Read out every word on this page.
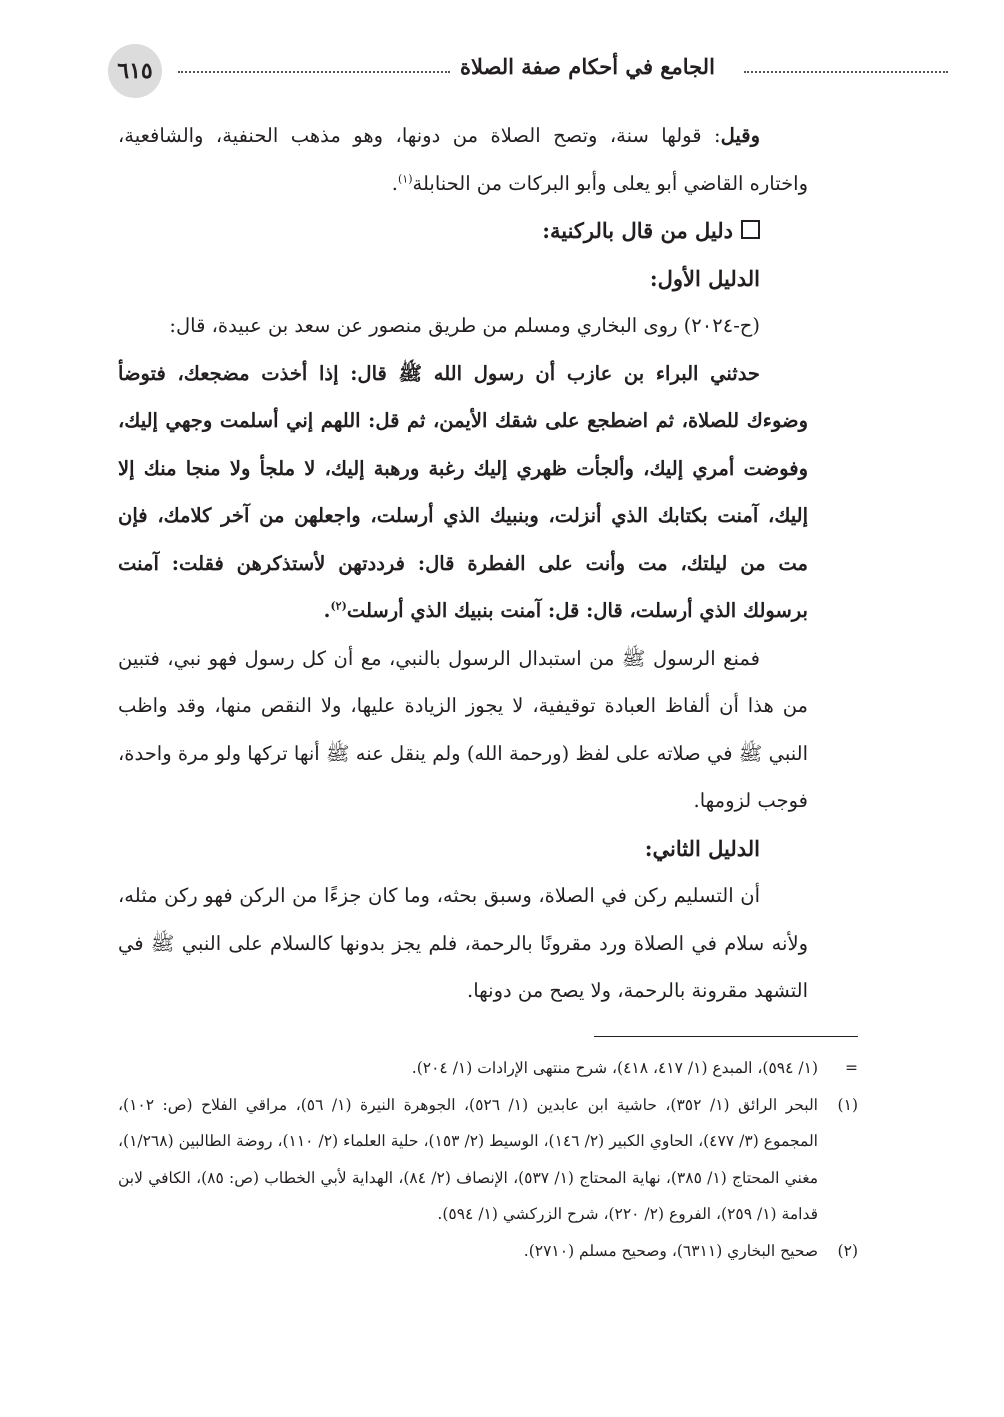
٦١٥	الجامع في أحكام صفة الصلاة

وقيل: قولها سنة، وتصح الصلاة من دونها، وهو مذهب الحنفية، والشافعية، واختاره القاضي أبو يعلى وأبو البركات من الحنابلة$^{(١)}$.

دليل من قال بالركنية:

الدليل الأول:

(ح-٢٠٢٤) روى البخاري ومسلم من طريق منصور عن سعد بن عبيدة، قال:

حدثني البراء بن عازب أن رسول الله ﷺ قال: إذا أخذت مضجعك، فتوضأ وضوءك للصلاة، ثم اضطجع على شقك الأيمن، ثم قل: اللهم إني أسلمت وجهي إليك، وفوضت أمري إليك، وألجأت ظهري إليك رغبة ورهبة إليك، لا ملجأ ولا منجا منك إلا إليك، آمنت بكتابك الذي أنزلت، وبنبيك الذي أرسلت، واجعلهن من آخر كلامك، فإن مت من ليلتك، مت وأنت على الفطرة قال: فرددتهن لأستذكرهن فقلت: آمنت برسولك الذي أرسلت، قال: قل: آمنت بنبيك الذي أرسلت$^{(٢)}$.

فمنع الرسول ﷺ من استبدال الرسول بالنبي، مع أن كل رسول فهو نبي، فتبين من هذا أن ألفاظ العبادة توقيفية، لا يجوز الزيادة عليها، ولا النقص منها، وقد واظب النبي ﷺ في صلاته على لفظ (ورحمة الله) ولم ينقل عنه ﷺ أنها تركها ولو مرة واحدة، فوجب لزومها.

الدليل الثاني:

أن التسليم ركن في الصلاة، وسبق بحثه، وما كان جزءًا من الركن فهو ركن مثله، ولأنه سلام في الصلاة ورد مقرونًا بالرحمة، فلم يجز بدونها كالسلام على النبي ﷺ في التشهد مقرونة بالرحمة، ولا يصح من دونها.

=
(١/ ٥٩٤)، المبدع (١/ ٤١٧، ٤١٨)، شرح منتهى الإرادات (١/ ٢٠٤).
(١)
البحر الرائق (١/ ٣٥٢)، حاشية ابن عابدين (١/ ٥٢٦)، الجوهرة النيرة (١/ ٥٦)، مراقي الفلاح (ص: ١٠٢)، المجموع (٣/ ٤٧٧)، الحاوي الكبير (٢/ ١٤٦)، الوسيط (٢/ ١٥٣)، حلية العلماء (٢/ ١١٠)، روضة الطالبين (١/٢٦٨)، مغني المحتاج (١/ ٣٨٥)، نهاية المحتاج (١/ ٥٣٧)، الإنصاف (٢/ ٨٤)، الهداية لأبي الخطاب (ص: ٨٥)، الكافي لابن قدامة (١/ ٢٥٩)، الفروع (٢/ ٢٢٠)، شرح الزركشي (١/ ٥٩٤).
(٢)
صحيح البخاري (٦٣١١)، وصحيح مسلم (٢٧١٠).
